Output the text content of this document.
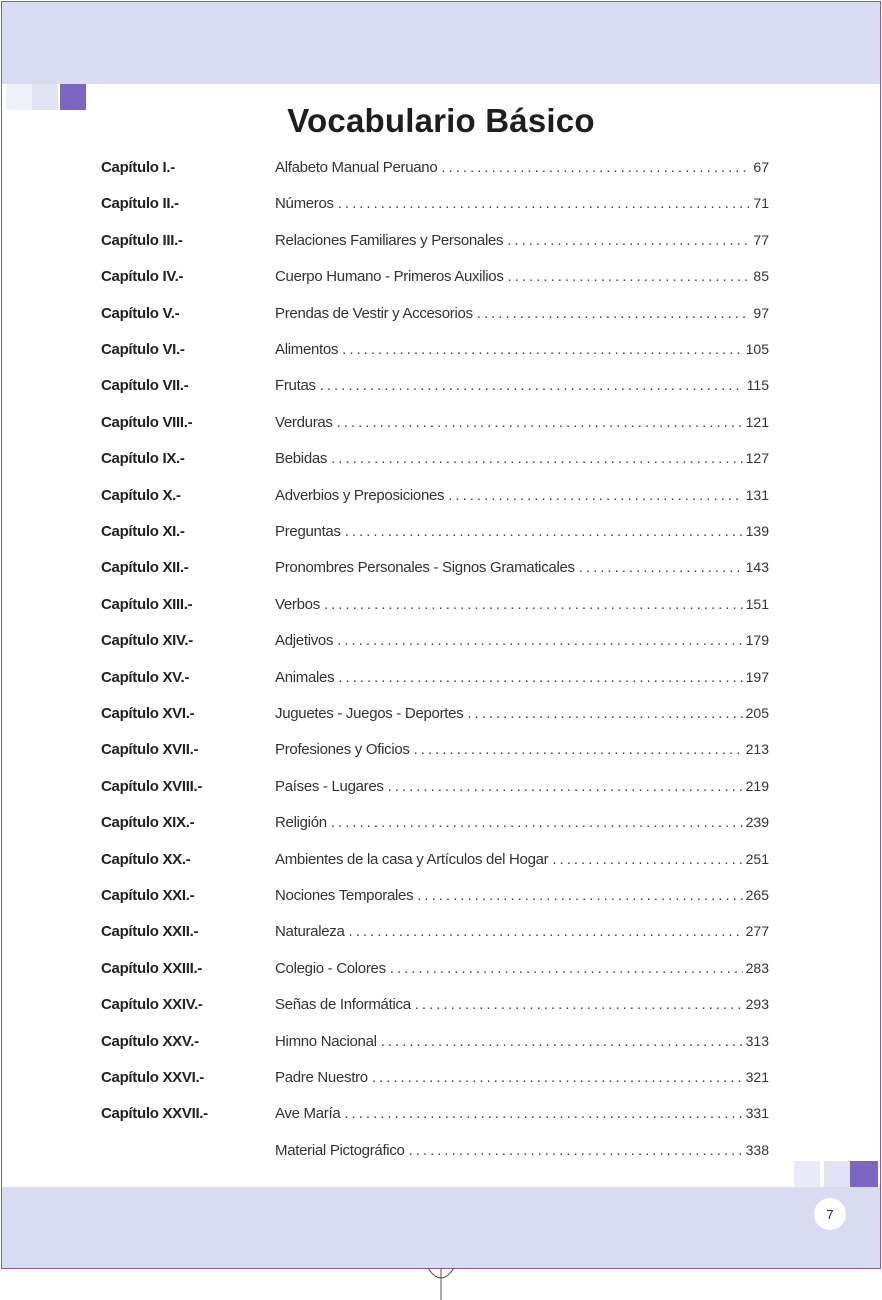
Vocabulario Básico
Capítulo I.-	Alfabeto Manual Peruano .....	67
Capítulo II.-	Números .....	71
Capítulo III.-	Relaciones Familiares y Personales .....	77
Capítulo IV.-	Cuerpo Humano - Primeros Auxilios .....	85
Capítulo V.-	Prendas de Vestir y Accesorios .....	97
Capítulo VI.-	Alimentos .....	105
Capítulo VII.-	Frutas .....	115
Capítulo VIII.-	Verduras .....	121
Capítulo IX.-	Bebidas .....	127
Capítulo X.-	Adverbios y Preposiciones .....	131
Capítulo XI.-	Preguntas .....	139
Capítulo XII.-	Pronombres Personales - Signos Gramaticales .....	143
Capítulo XIII.-	Verbos .....	151
Capítulo XIV.-	Adjetivos .....	179
Capítulo XV.-	Animales .....	197
Capítulo XVI.-	Juguetes - Juegos - Deportes .....	205
Capítulo XVII.-	Profesiones y Oficios .....	213
Capítulo XVIII.-	Países - Lugares .....	219
Capítulo XIX.-	Religión .....	239
Capítulo XX.-	Ambientes de la casa y Artículos del Hogar .....	251
Capítulo XXI.-	Nociones Temporales .....	265
Capítulo XXII.-	Naturaleza .....	277
Capítulo XXIII.-	Colegio - Colores .....	283
Capítulo XXIV.-	Señas de Informática .....	293
Capítulo XXV.-	Himno Nacional .....	313
Capítulo XXVI.-	Padre Nuestro .....	321
Capítulo XXVII.-	Ave María .....	331
Material Pictográfico .....	338
7
